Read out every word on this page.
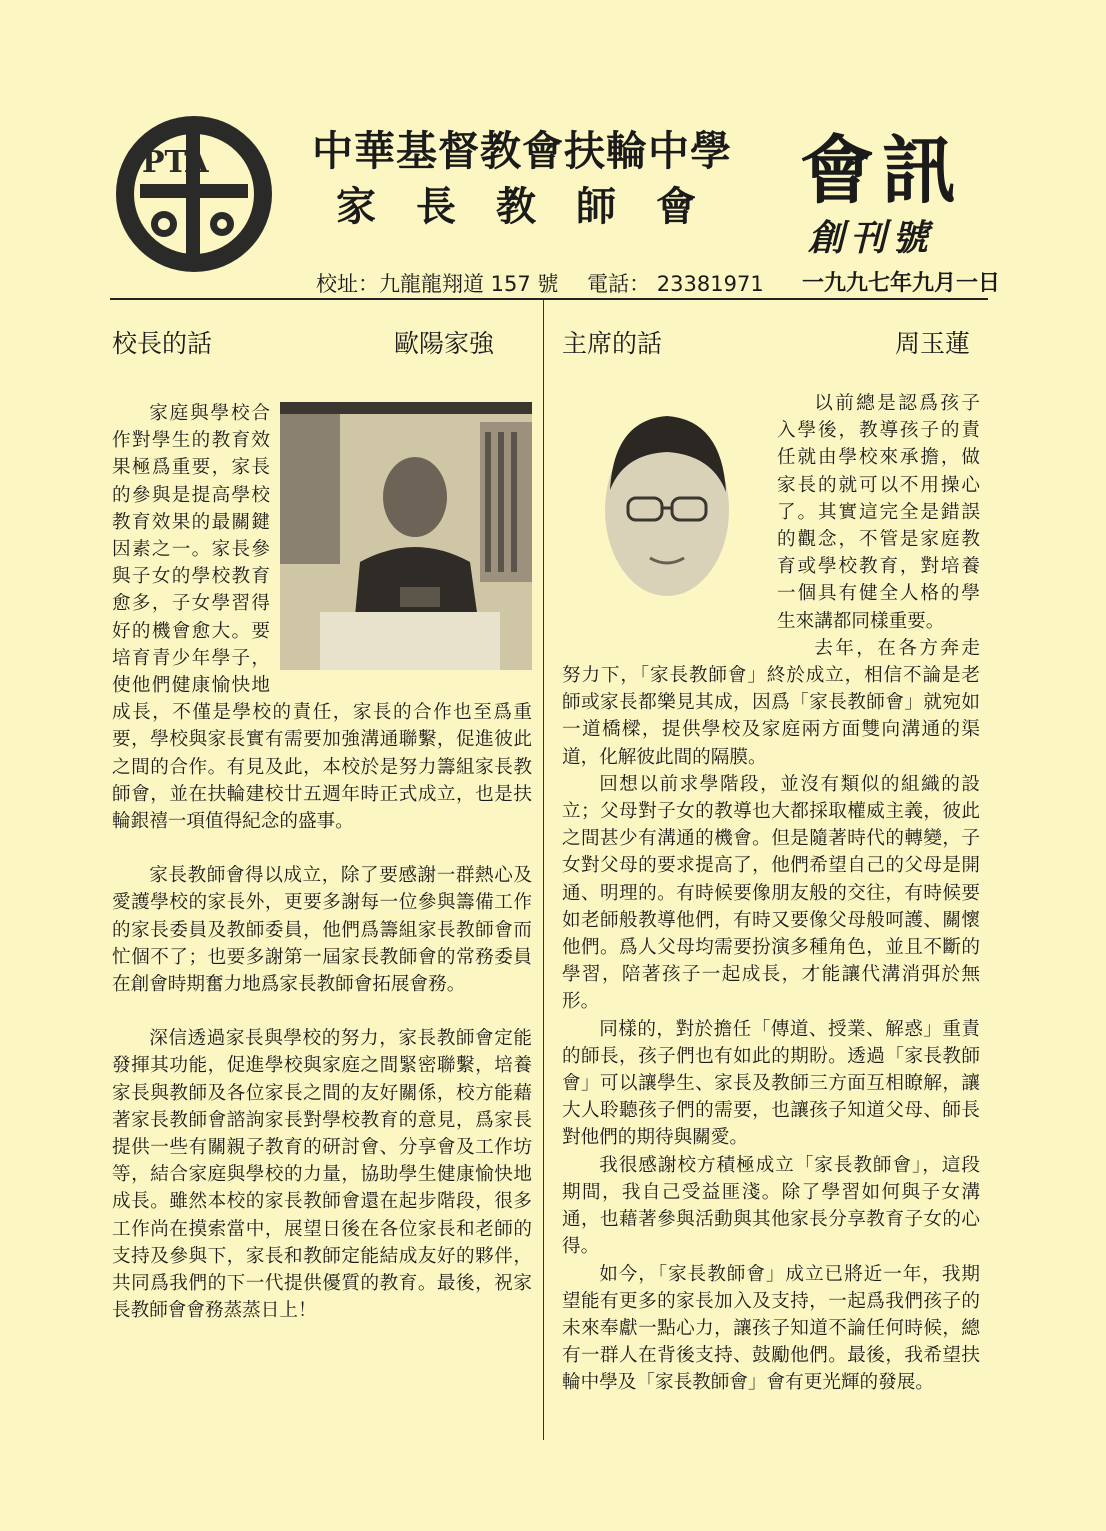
PTA	中華基督教會扶輪中學
家長教師會 會訊
創刊號
校址：九龍龍翔道 157 號 電話： 23381971	一九九七年九月一日
校長的話	歐陽家強

家庭與學校合作對學生的教育效果極爲重要，家長的參與是提高學校教育效果的最關鍵因素之一。家長參與子女的學校教育愈多，子女學習得好的機會愈大。要培育青少年學子，使他們健康愉快地成長，不僅是學校的責任，家長的合作也至爲重要，學校與家長實有需要加強溝通聯繫，促進彼此之間的合作。有見及此，本校於是努力籌組家長教師會，並在扶輪建校廿五週年時正式成立，也是扶輪銀禧一項值得紀念的盛事。

家長教師會得以成立，除了要感謝一群熱心及愛護學校的家長外，更要多謝每一位參與籌備工作的家長委員及教師委員，他們爲籌組家長教師會而忙個不了；也要多謝第一屆家長教師會的常務委員在創會時期奮力地爲家長教師會拓展會務。

深信透過家長與學校的努力，家長教師會定能發揮其功能，促進學校與家庭之間緊密聯繫，培養家長與教師及各位家長之間的友好關係，校方能藉著家長教師會諮詢家長對學校教育的意見，爲家長提供一些有關親子教育的研討會、分享會及工作坊等，結合家庭與學校的力量，協助學生健康愉快地成長。雖然本校的家長教師會還在起步階段，很多工作尚在摸索當中，展望日後在各位家長和老師的支持及參與下，家長和教師定能結成友好的夥伴，共同爲我們的下一代提供優質的教育。最後，祝家長教師會會務蒸蒸日上！

主席的話	周玉蓮

以前總是認爲孩子入學後，教導孩子的責任就由學校來承擔，做家長的就可以不用操心了。其實這完全是錯誤的觀念，不管是家庭教育或學校教育，對培養一個具有健全人格的學生來講都同樣重要。

去年，在各方奔走努力下，「家長教師會」終於成立，相信不論是老師或家長都樂見其成，因爲「家長教師會」就宛如一道橋樑，提供學校及家庭兩方面雙向溝通的渠道，化解彼此間的隔膜。

回想以前求學階段，並沒有類似的組織的設立；父母對子女的教導也大都採取權威主義，彼此之間甚少有溝通的機會。但是隨著時代的轉變，子女對父母的要求提高了，他們希望自己的父母是開通、明理的。有時候要像朋友般的交往，有時候要如老師般教導他們，有時又要像父母般呵護、關懷他們。爲人父母均需要扮演多種角色，並且不斷的學習，陪著孩子一起成長，才能讓代溝消弭於無形。

同樣的，對於擔任「傳道、授業、解惑」重責的師長，孩子們也有如此的期盼。透過「家長教師會」可以讓學生、家長及教師三方面互相瞭解，讓大人聆聽孩子們的需要，也讓孩子知道父母、師長對他們的期待與關愛。

我很感謝校方積極成立「家長教師會」，這段期間，我自己受益匪淺。除了學習如何與子女溝通，也藉著參與活動與其他家長分享教育子女的心得。

如今，「家長教師會」成立已將近一年，我期望能有更多的家長加入及支持，一起爲我們孩子的未來奉獻一點心力，讓孩子知道不論任何時候，總有一群人在背後支持、鼓勵他們。最後，我希望扶輪中學及「家長教師會」會有更光輝的發展。
